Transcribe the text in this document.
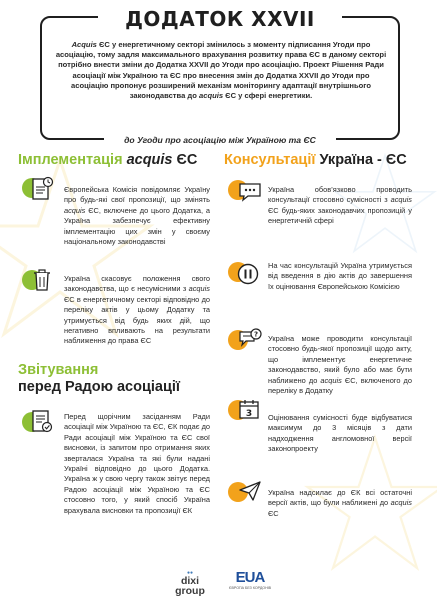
ДОДАТОК XXVII
Acquis ЄС у енергетичному секторі змінилось з моменту підписання Угоди про асоціацію, тому задля максимального врахування розвитку права ЄС в даному секторі потрібно внести зміни до Додатка XXVII до Угоди про асоціацію. Проект Рішення Ради асоціації між Україною та ЄС про внесення змін до Додатка XXVII до Угоди про асоціацію пропонує розширений механізм моніторингу адаптації внутрішнього законодавства до acquis ЄС у сфері енергетики.
до Угоди про асоціацію між Україною та ЄС
Імплементація acquis ЄС Консультації Україна - ЄС
Європейська Комісія повідомляє Україну про будь-які свої пропозиції, що змінять acquis ЄС, включене до цього Додатка, а Україна забезпечує ефективну імплементацію цих змін у своєму національному законодавстві
Україна скасовує положення свого законодавства, що є несумісними з acquis ЄС в енергетичному секторі відповідно до переліку актів у цьому Додатку та утримується від будь яких дій, що негативно впливають на результати наближення до права ЄС
Звітування
перед Радою асоціації
Перед щорічним засіданням Ради асоціації між Україною та ЄС, ЄК подає до Ради асоціації між Україною та ЄС свої висновки, із запитом про отримання яких зверталася Україна та які були надані Україні відповідно до цього Додатка. Україна ж у свою чергу також звітує перед Радою асоціації між Україною та ЄС стосовно того, у який спосіб Україна врахувала висновки та пропозиції ЄК
Україна обов’язково проводить консультації стосовно сумісності з acquis ЄС будь-яких законодавчих пропозицій у енергетичній сфері
На час консультацій Україна утримується від введення в дію актів до завершення їх оцінювання Європейською Комісією
? Україна може проводити консультації стосовно будь-якої пропозиції щодо акту, що імплементує енергетичне законодавство, який було або має бути наближено до acquis ЄС, включеного до переліку в Додатку
3 Оцінювання сумісності буде відбуватися максимум до 3 місяців з дати надходження англомовної версії законопроекту
Україна надсилає до ЄК всі остаточні версії актів, що були наближені до acquis ЄС
●●
dixi
group
EUA
ЄВРОПА БЕЗ КОРДОНІВ
